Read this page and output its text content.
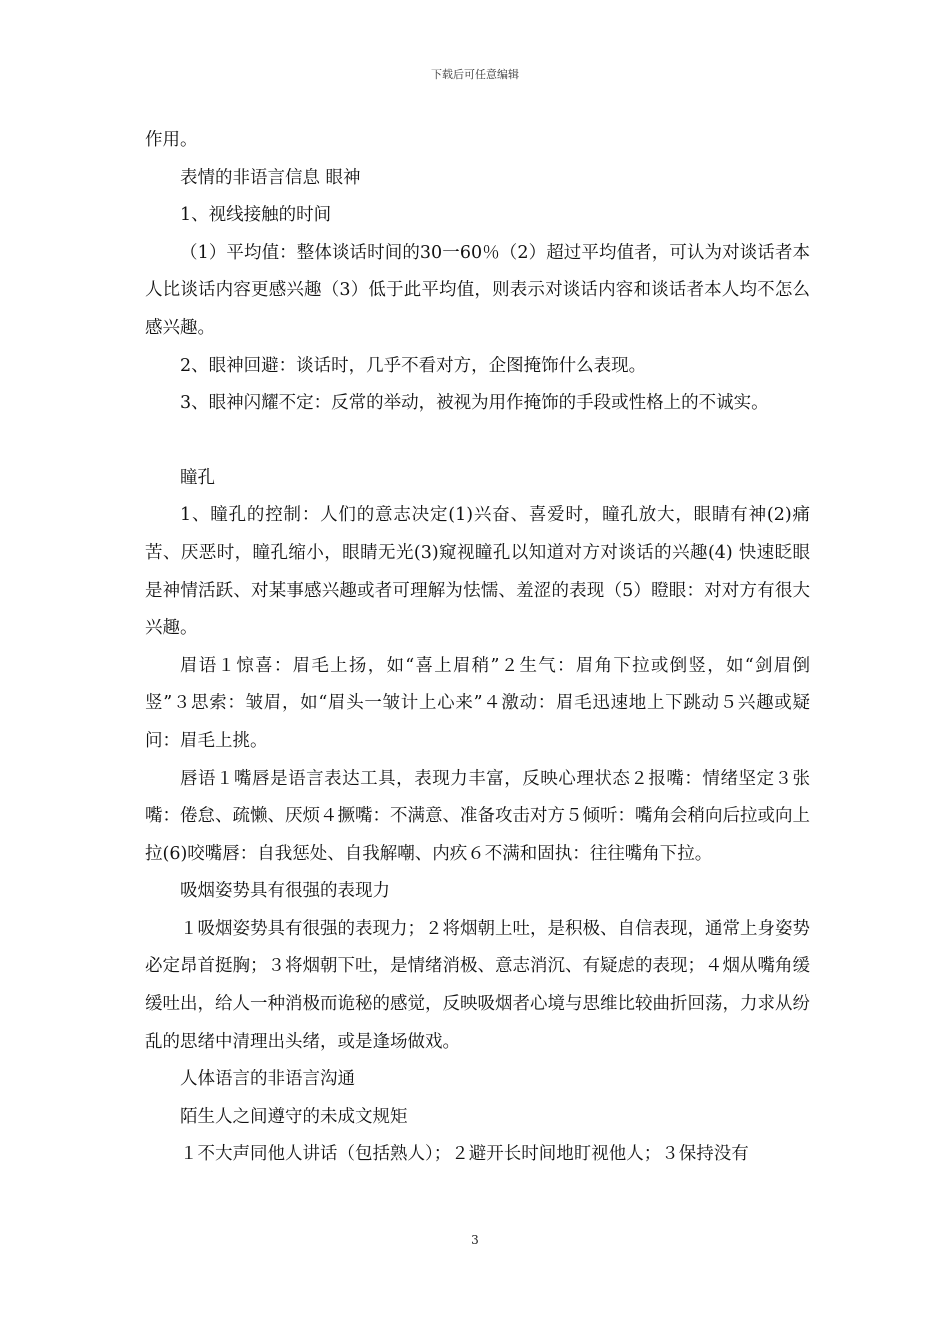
下载后可任意编辑

作用。

表情的非语言信息 眼神

1、视线接触的时间

（1）平均值：整体谈话时间的30一60％（2）超过平均值者，可认为对谈话者本人比谈话内容更感兴趣（3）低于此平均值，则表示对谈话内容和谈话者本人均不怎么感兴趣。

2、眼神回避：谈话时，几乎不看对方，企图掩饰什么表现。

3、眼神闪耀不定：反常的举动，被视为用作掩饰的手段或性格上的不诚实。

瞳孔

1、瞳孔的控制：人们的意志决定(1)兴奋、喜爱时，瞳孔放大，眼睛有神(2)痛苦、厌恶时，瞳孔缩小，眼睛无光(3)窥视瞳孔以知道对方对谈话的兴趣(4) 快速眨眼是神情活跃、对某事感兴趣或者可理解为怯懦、羞涩的表现（5）瞪眼：对对方有很大兴趣。

眉语１惊喜：眉毛上扬，如“喜上眉稍”２生气：眉角下拉或倒竖，如“剑眉倒竖”３思索：皱眉，如“眉头一皱计上心来”４激动：眉毛迅速地上下跳动５兴趣或疑问：眉毛上挑。

唇语１嘴唇是语言表达工具，表现力丰富，反映心理状态２报嘴：情绪坚定３张嘴：倦怠、疏懒、厌烦４撅嘴：不满意、准备攻击对方５倾听：嘴角会稍向后拉或向上拉(6)咬嘴唇：自我惩处、自我解嘲、内疚６不满和固执：往往嘴角下拉。

吸烟姿势具有很强的表现力

１吸烟姿势具有很强的表现力；２将烟朝上吐，是积极、自信表现，通常上身姿势必定昂首挺胸；３将烟朝下吐，是情绪消极、意志消沉、有疑虑的表现；４烟从嘴角缓缓吐出，给人一种消极而诡秘的感觉，反映吸烟者心境与思维比较曲折回荡，力求从纷乱的思绪中清理出头绪，或是逢场做戏。

人体语言的非语言沟通

陌生人之间遵守的未成文规矩

１不大声同他人讲话（包括熟人）；２避开长时间地盯视他人；３保持没有

3
